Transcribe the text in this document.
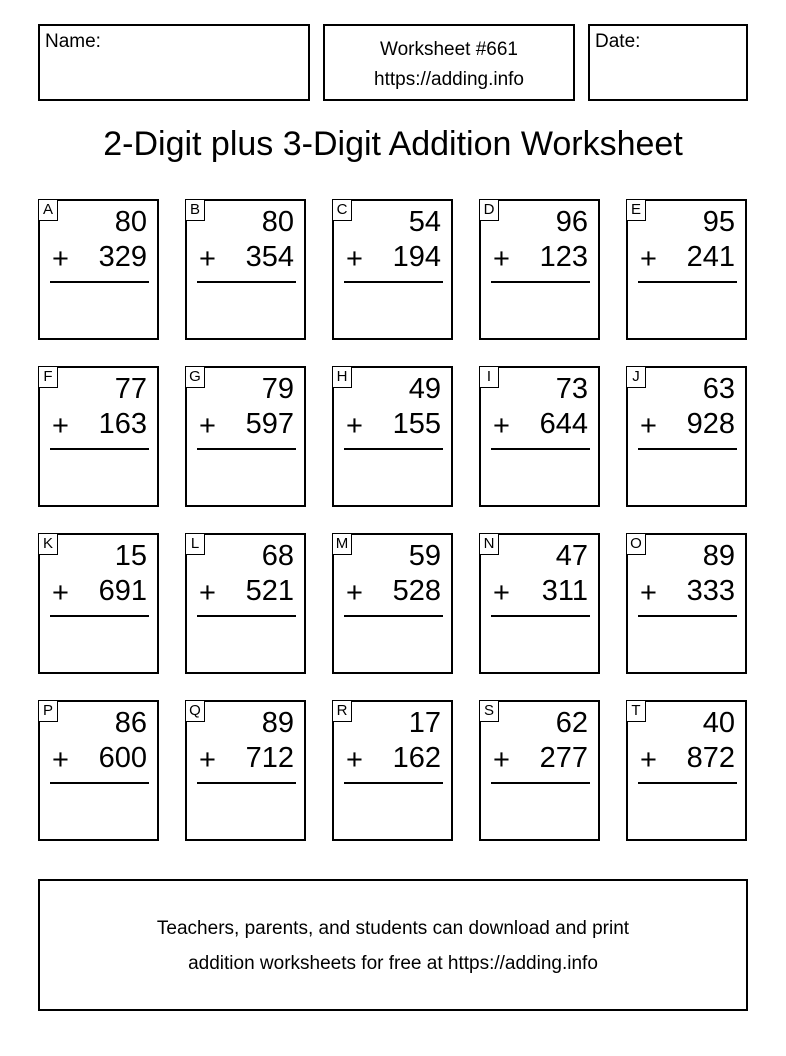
Name:	Worksheet #661
https://adding.info
Date:
2-Digit plus 3-Digit Addition Worksheet
A 80
+ 329
B 80
+ 354
C 54
+ 194
D 96
+ 123
E 95
+ 241
F 77
+ 163
G 79
+ 597
H 49
+ 155
I 73
+ 644
J 63
+ 928
K 15
+ 691
L 68
+ 521
M 59
+ 528
N 47
+ 311
O 89
+ 333
P 86
+ 600
Q 89
+ 712
R 17
+ 162
S 62
+ 277
T 40
+ 872
Teachers, parents, and students can download and print
addition worksheets for free at https://adding.info
